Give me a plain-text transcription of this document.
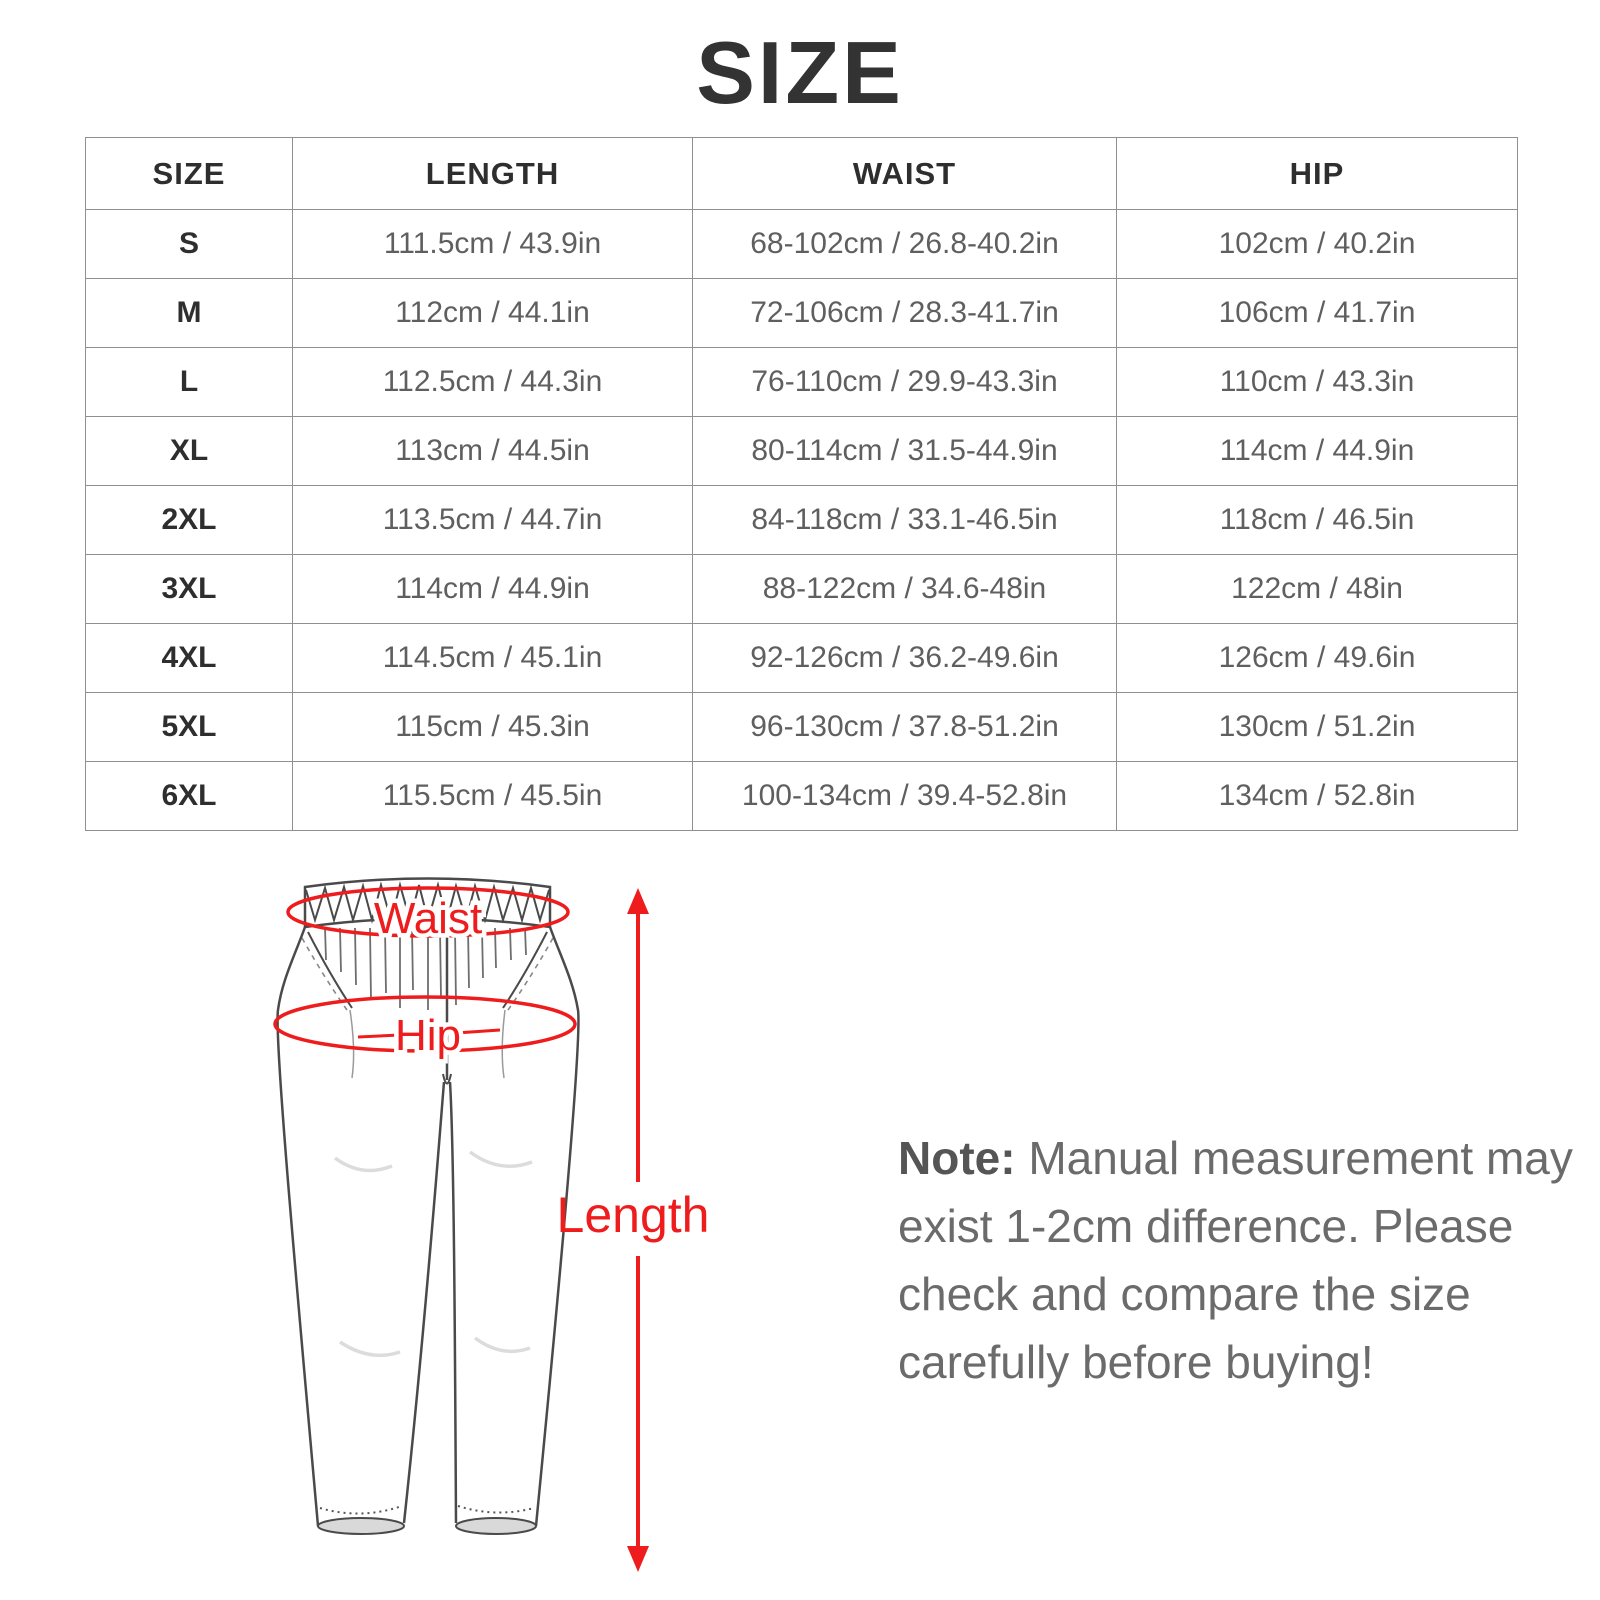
SIZE
SIZE	LENGTH	WAIST	HIP
S	111.5cm / 43.9in	68-102cm / 26.8-40.2in	102cm / 40.2in
M	112cm / 44.1in	72-106cm / 28.3-41.7in	106cm / 41.7in
L	112.5cm / 44.3in	76-110cm / 29.9-43.3in	110cm / 43.3in
XL	113cm / 44.5in	80-114cm / 31.5-44.9in	114cm / 44.9in
2XL	113.5cm / 44.7in	84-118cm / 33.1-46.5in	118cm / 46.5in
3XL	114cm / 44.9in	88-122cm / 34.6-48in	122cm / 48in
4XL	114.5cm / 45.1in	92-126cm / 36.2-49.6in	126cm / 49.6in
5XL	115cm / 45.3in	96-130cm / 37.8-51.2in	130cm / 51.2in
6XL	115.5cm / 45.5in	100-134cm / 39.4-52.8in	134cm / 52.8in
Waist
Hip
Length
Note: Manual measurement may
exist 1-2cm difference. Please
check and compare the size
carefully before buying!
